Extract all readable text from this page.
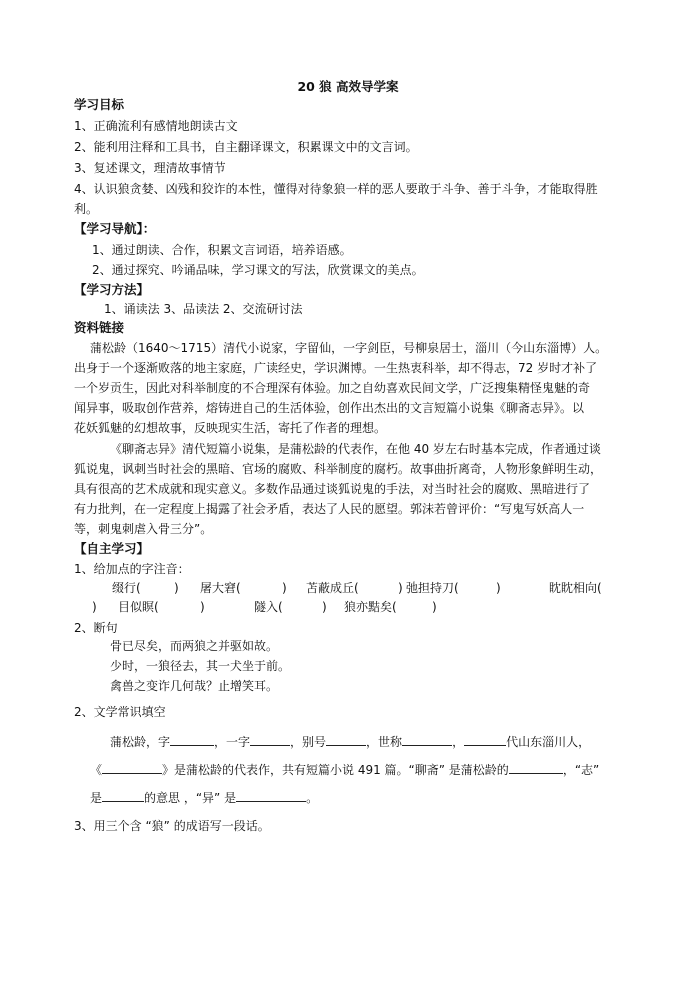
20 狼 高效导学案
学习目标
1、正确流利有感情地朗读古文
2、能利用注释和工具书，自主翻译课文，积累课文中的文言词。
3、复述课文，理清故事情节
4、认识狼贪婪、凶残和狡诈的本性，懂得对待象狼一样的恶人要敢于斗争、善于斗争，才能取得胜
利。
【学习导航】：
1、通过朗读、合作，积累文言词语，培养语感。
2、通过探究、吟诵品味，学习课文的写法，欣赏课文的美点。
【学习方法】
1、诵读法 3、品读法 2、交流研讨法
资料链接
蒲松龄（1640～1715）清代小说家，字留仙，一字剑臣，号柳泉居士，淄川（今山东淄博）人。
出身于一个逐渐败落的地主家庭，广读经史，学识渊博。一生热衷科举，却不得志，72 岁时才补了
一个岁贡生，因此对科举制度的不合理深有体验。加之自幼喜欢民间文学，广泛搜集精怪鬼魅的奇
闻异事，吸取创作营养，熔铸进自己的生活体验，创作出杰出的文言短篇小说集《聊斋志异》。以
花妖狐魅的幻想故事，反映现实生活，寄托了作者的理想。
《聊斋志异》清代短篇小说集，是蒲松龄的代表作，在他 40 岁左右时基本完成，作者通过谈
狐说鬼，讽刺当时社会的黑暗、官场的腐败、科举制度的腐朽。故事曲折离奇，人物形象鲜明生动，
具有很高的艺术成就和现实意义。多数作品通过谈狐说鬼的手法，对当时社会的腐败、黑暗进行了
有力批判，在一定程度上揭露了社会矛盾，表达了人民的愿望。郭沫若曾评价：“写鬼写妖高人一
等，刺鬼刺虐入骨三分”。
【自主学习】
1、给加点的字注音：
缀行(	) 屠大窘(	) 苫蔽成丘(	) 弛担持刀(	)	眈眈相向(
) 目似瞑(	)	隧入(	) 狼亦黠矣(	)
2、断句
骨已尽矣，而两狼之并驱如故。
少时，一狼径去，其一犬坐于前。
禽兽之变诈几何哉？止增笑耳。
2、文学常识填空
蒲松龄，字	，一字	，别号	，世称	，	代山东淄川人，
《	》是蒲松龄的代表作，共有短篇小说 491 篇。“聊斋” 是蒲松龄的	，“志”
是	的意思 ，“异” 是	。
3、用三个含 “狼” 的成语写一段话。
